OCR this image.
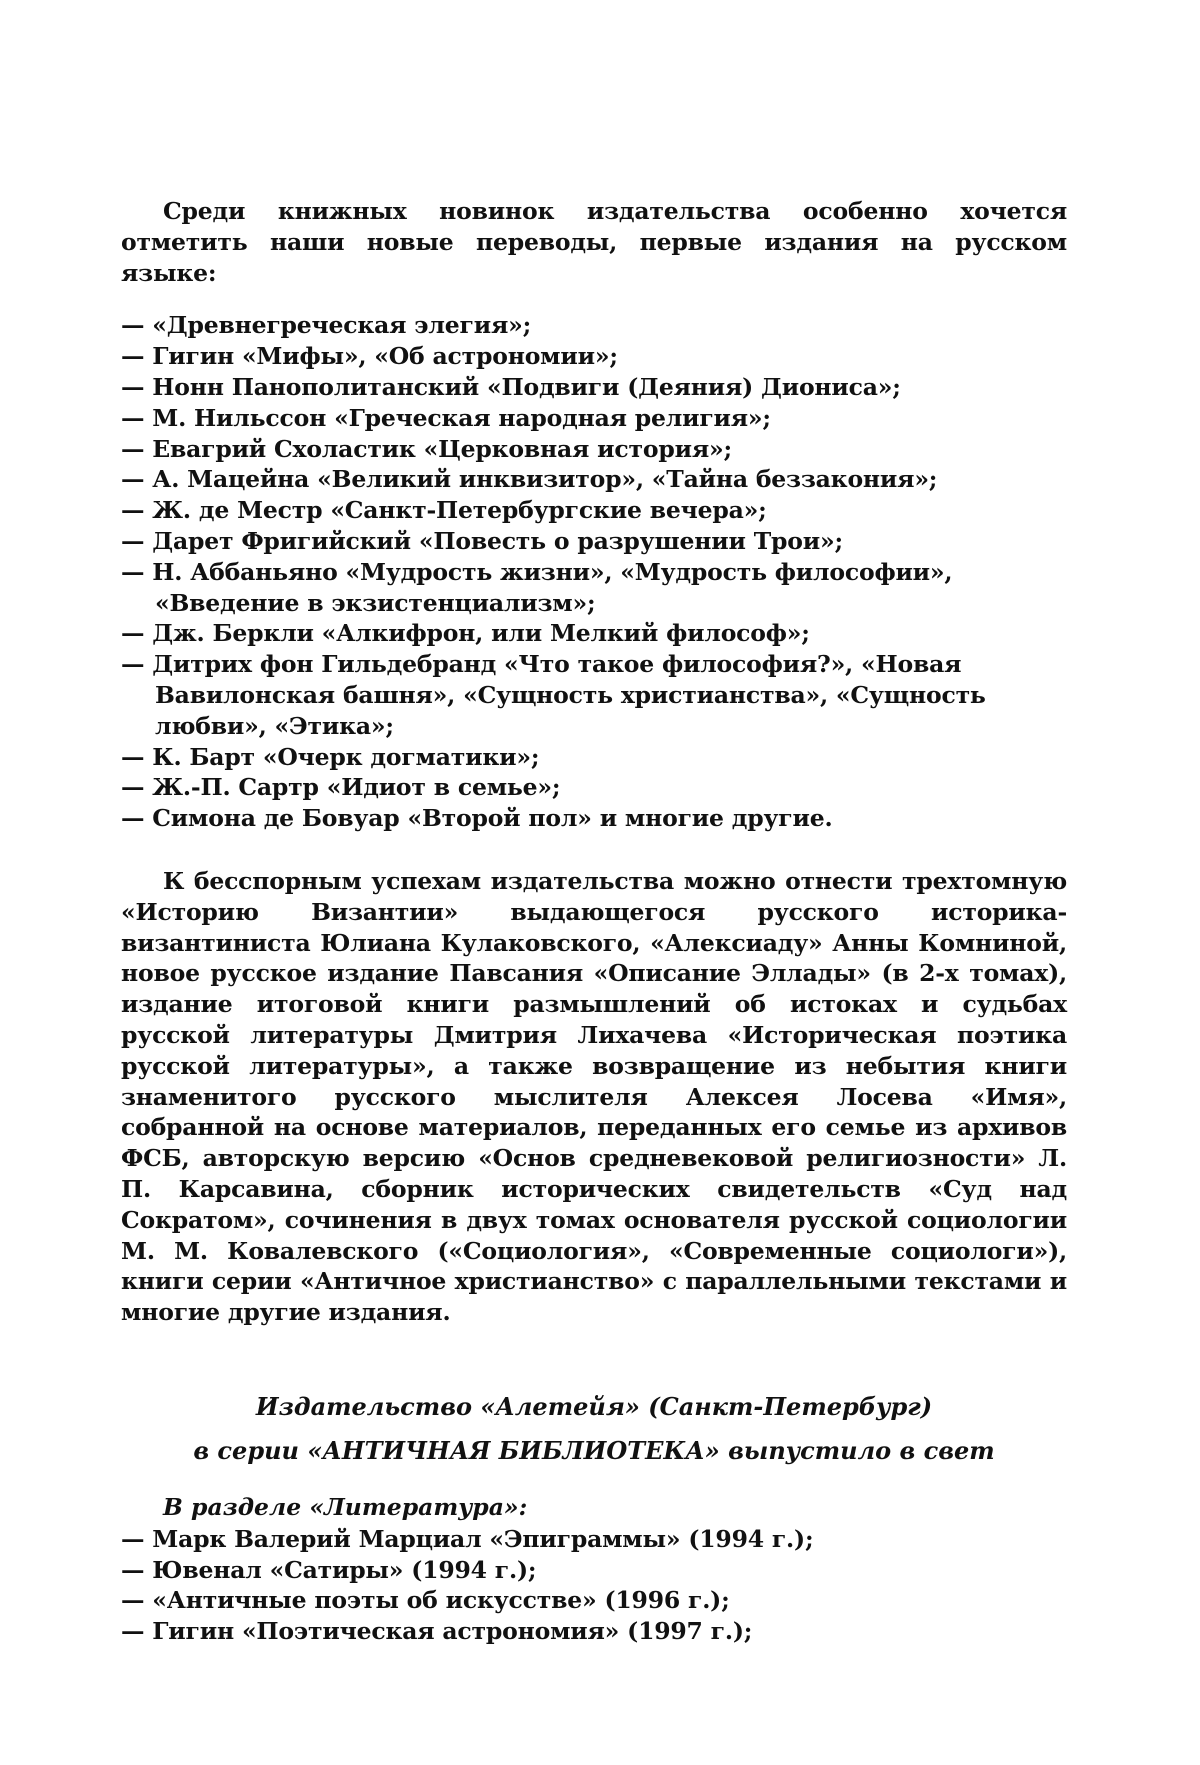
Среди книжных новинок издательства особенно хочется отметить наши новые переводы, первые издания на русском языке:

— «Древнегреческая элегия»;
— Гигин «Мифы», «Об астрономии»;
— Нонн Панополитанский «Подвиги (Деяния) Диониса»;
— М. Нильссон «Греческая народная религия»;
— Евагрий Схоластик «Церковная история»;
— А. Мацейна «Великий инквизитор», «Тайна беззакония»;
— Ж. де Местр «Санкт-Петербургские вечера»;
— Дарет Фригийский «Повесть о разрушении Трои»;
— Н. Аббаньяно «Мудрость жизни», «Мудрость философии», «Введение в экзистенциализм»;
— Дж. Беркли «Алкифрон, или Мелкий философ»;
— Дитрих фон Гильдебранд «Что такое философия?», «Новая Вавилонская башня», «Сущность христианства», «Сущность любви», «Этика»;
— К. Барт «Очерк догматики»;
— Ж.-П. Сартр «Идиот в семье»;
— Симона де Бовуар «Второй пол» и многие другие.

К бесспорным успехам издательства можно отнести трехтомную «Историю Византии» выдающегося русского историка-византиниста Юлиана Кулаковского, «Алексиаду» Анны Комниной, новое русское издание Павсания «Описание Эллады» (в 2-х томах), издание итоговой книги размышлений об истоках и судьбах русской литературы Дмитрия Лихачева «Историческая поэтика русской литературы», а также возвращение из небытия книги знаменитого русского мыслителя Алексея Лосева «Имя», собранной на основе материалов, переданных его семье из архивов ФСБ, авторскую версию «Основ средневековой религиозности» Л. П. Карсавина, сборник исторических свидетельств «Суд над Сократом», сочинения в двух томах основателя русской социологии М. М. Ковалевского («Социология», «Современные социологи»), книги серии «Античное христианство» с параллельными текстами и многие другие издания.

Издательство «Алетейя» (Санкт-Петербург)

в серии «АНТИЧНАЯ БИБЛИОТЕКА» выпустило в свет

В разделе «Литература»:

— Марк Валерий Марциал «Эпиграммы» (1994 г.);
— Ювенал «Сатиры» (1994 г.);
— «Античные поэты об искусстве» (1996 г.);
— Гигин «Поэтическая астрономия» (1997 г.);
